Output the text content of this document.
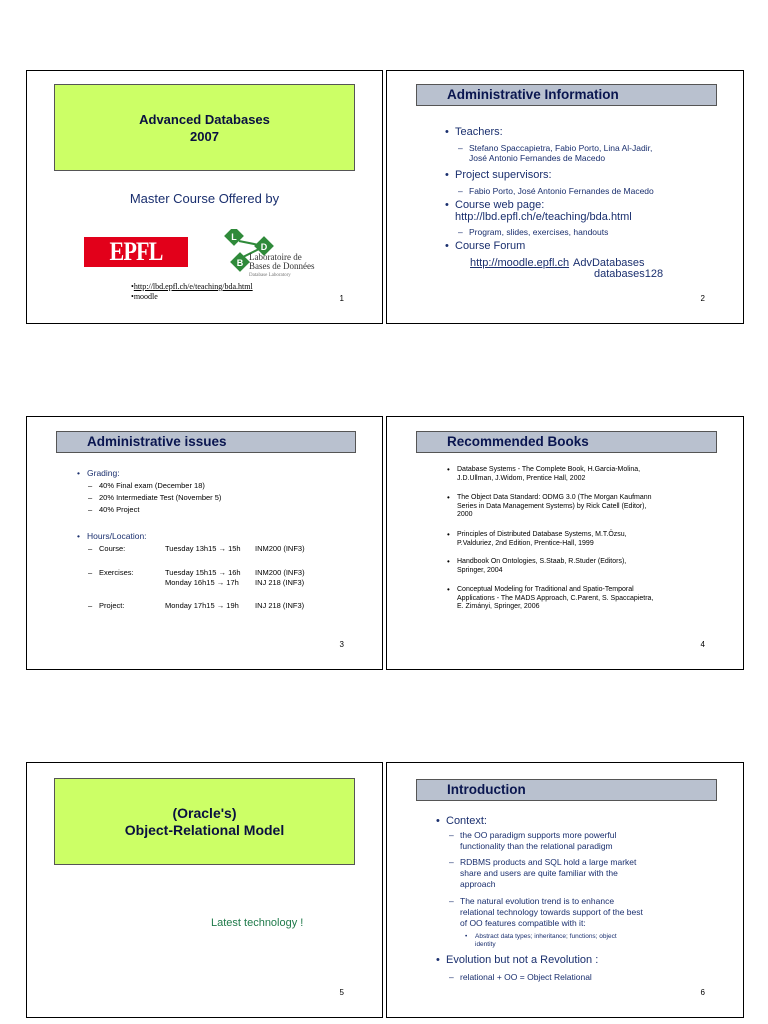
Advanced Databases
2007
Master Course Offered by
EPFL	L
D
B
Laboratoire de
Bases de Données
Database Laboratory
•http://lbd.epfl.ch/e/teaching/bda.html
•moodle	1
Administrative Information
• Teachers:
– Stefano Spaccapietra, Fabio Porto, Lina Al-Jadir,
José Antonio Fernandes de Macedo
• Project supervisors:
– Fabio Porto, José Antonio Fernandes de Macedo
• Course web page:
http://lbd.epfl.ch/e/teaching/bda.html
– Program, slides, exercises, handouts
• Course Forum
http://moodle.epfl.ch AdvDatabases
databases128
2
Administrative issues
• Grading:
– 40% Final exam (December 18)
– 20% Intermediate Test (November 5)
– 40% Project
• Hours/Location:
– Course:	Tuesday 13h15 → 15h INM200 (INF3)
– Exercises:	Tuesday 15h15 → 16h INM200 (INF3)
Monday 16h15 → 17h INJ 218 (INF3)
– Project:	Monday 17h15 → 19h INJ 218 (INF3)
3
Recommended Books
• Database Systems - The Complete Book, H.Garcia-Molina,
J.D.Ullman, J.Widom, Prentice Hall, 2002
• The Object Data Standard: ODMG 3.0 (The Morgan Kaufmann
Series in Data Management Systems) by Rick Catell (Editor),
2000
• Principles of Distributed Database Systems, M.T.Özsu,
P.Valduriez, 2nd Edition, Prentice-Hall, 1999
• Handbook On Ontologies, S.Staab, R.Studer (Editors),
Springer, 2004
• Conceptual Modeling for Traditional and Spatio-Temporal
Applications - The MADS Approach, C.Parent, S. Spaccapietra,
E. Zimányi, Springer, 2006
4
(Oracle's)
Object-Relational Model
Latest technology !
5
Introduction
• Context:
– the OO paradigm supports more powerful
functionality than the relational paradigm
– RDBMS products and SQL hold a large market
share and users are quite familiar with the
approach
– The natural evolution trend is to enhance
relational technology towards support of the best
of OO features compatible with it:
• Abstract data types; inheritance; functions; object
identity
• Evolution but not a Revolution :
– relational + OO = Object Relational
6
